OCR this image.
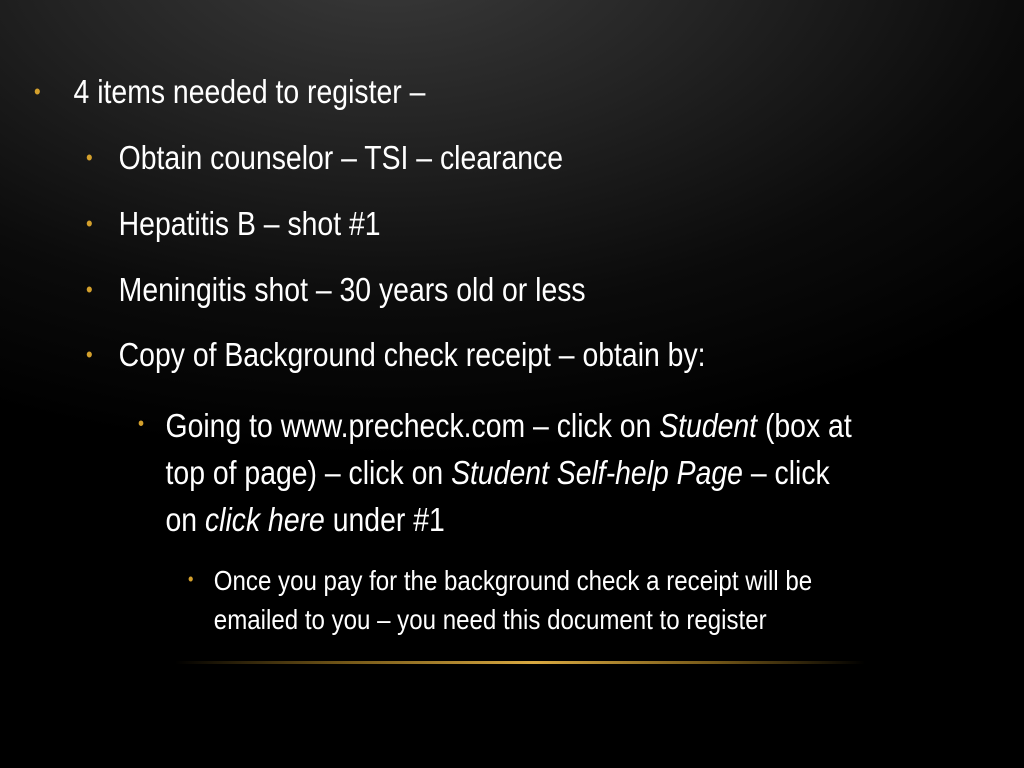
• 4 items needed to register –
• Obtain counselor – TSI – clearance
• Hepatitis B – shot #1
• Meningitis shot – 30 years old or less
• Copy of Background check receipt – obtain by:
• Going to www.precheck.com – click on Student (box at
top of page) – click on Student Self-help Page – click
on click here under #1
• Once you pay for the background check a receipt will be
emailed to you – you need this document to register
